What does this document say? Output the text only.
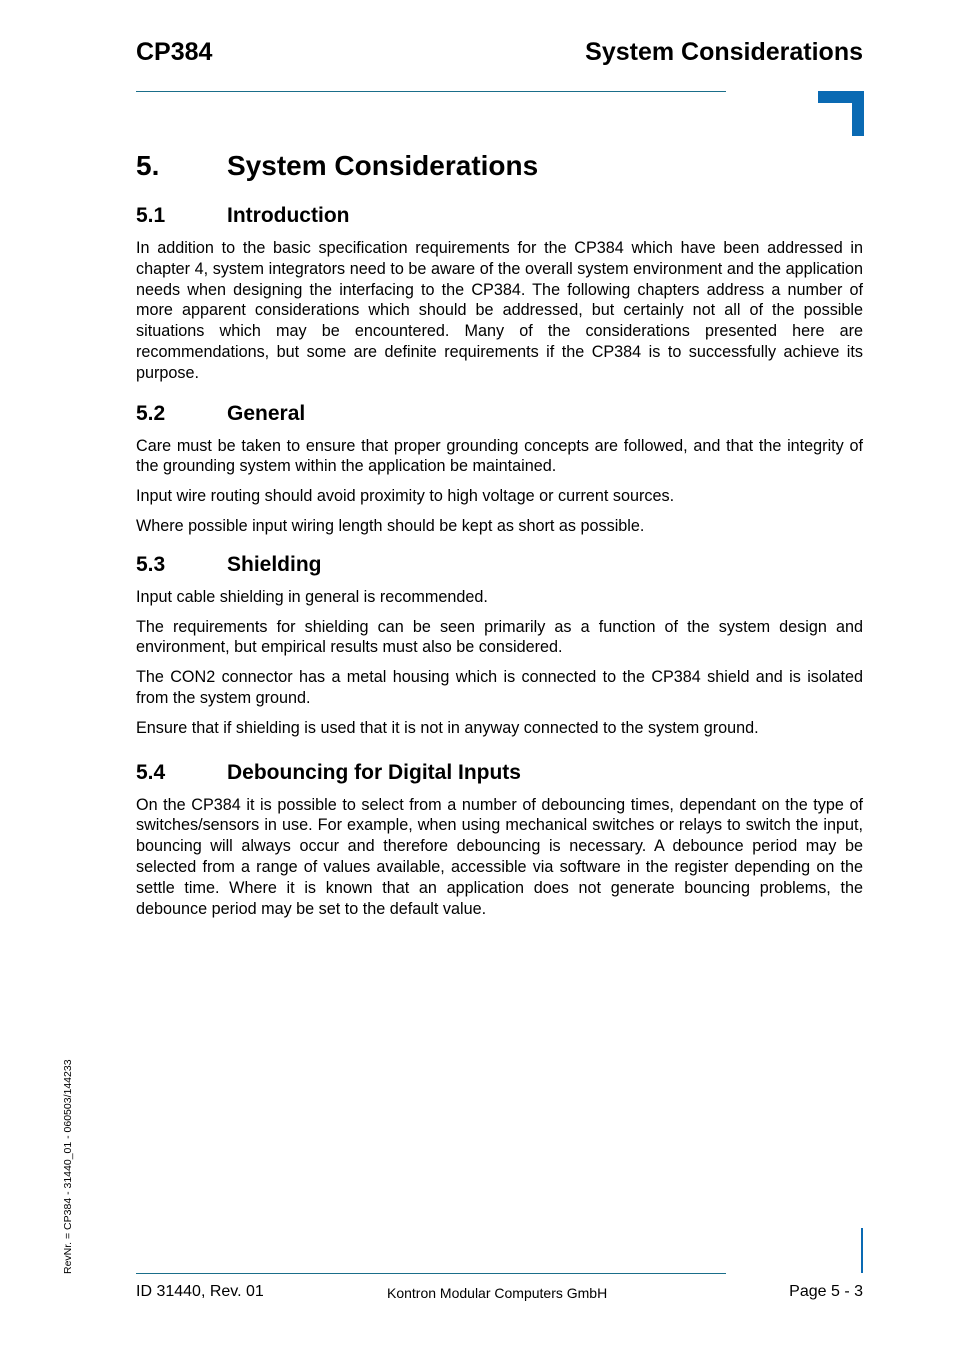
CP384	System Considerations
5.	System Considerations
5.1	Introduction

In addition to the basic specification requirements for the CP384 which have been addressed in chapter 4, system integrators need to be aware of the overall system environment and the application needs when designing the interfacing to the CP384. The following chapters address a number of more apparent considerations which should be addressed, but certainly not all of the possible situations which may be encountered. Many of the considerations presented here are recommendations, but some are definite requirements if the CP384 is to successfully achieve its purpose.

5.2	General

Care must be taken to ensure that proper grounding concepts are followed, and that the integrity of the grounding system within the application be maintained.

Input wire routing should avoid proximity to high voltage or current sources.

Where possible input wiring length should be kept as short as possible.

5.3	Shielding

Input cable shielding in general is recommended.

The requirements for shielding can be seen primarily as a function of the system design and environment, but empirical results must also be considered.

The CON2 connector has a metal housing which is connected to the CP384 shield and is isolated from the system ground.

Ensure that if shielding is used that it is not in anyway connected to the system ground.

5.4	Debouncing for Digital Inputs

On the CP384 it is possible to select from a number of debouncing times, dependant on the type of switches/sensors in use. For example, when using mechanical switches or relays to switch the input, bouncing will always occur and therefore debouncing is necessary. A debounce period may be selected from a range of values available, accessible via software in the register depending on the settle time. Where it is known that an application does not generate bouncing problems, the debounce period may be set to the default value.

RevNr. = CP384 - 31440_01 - 060503/144233
ID 31440, Rev. 01	Kontron Modular Computers GmbH	Page 5 - 3
